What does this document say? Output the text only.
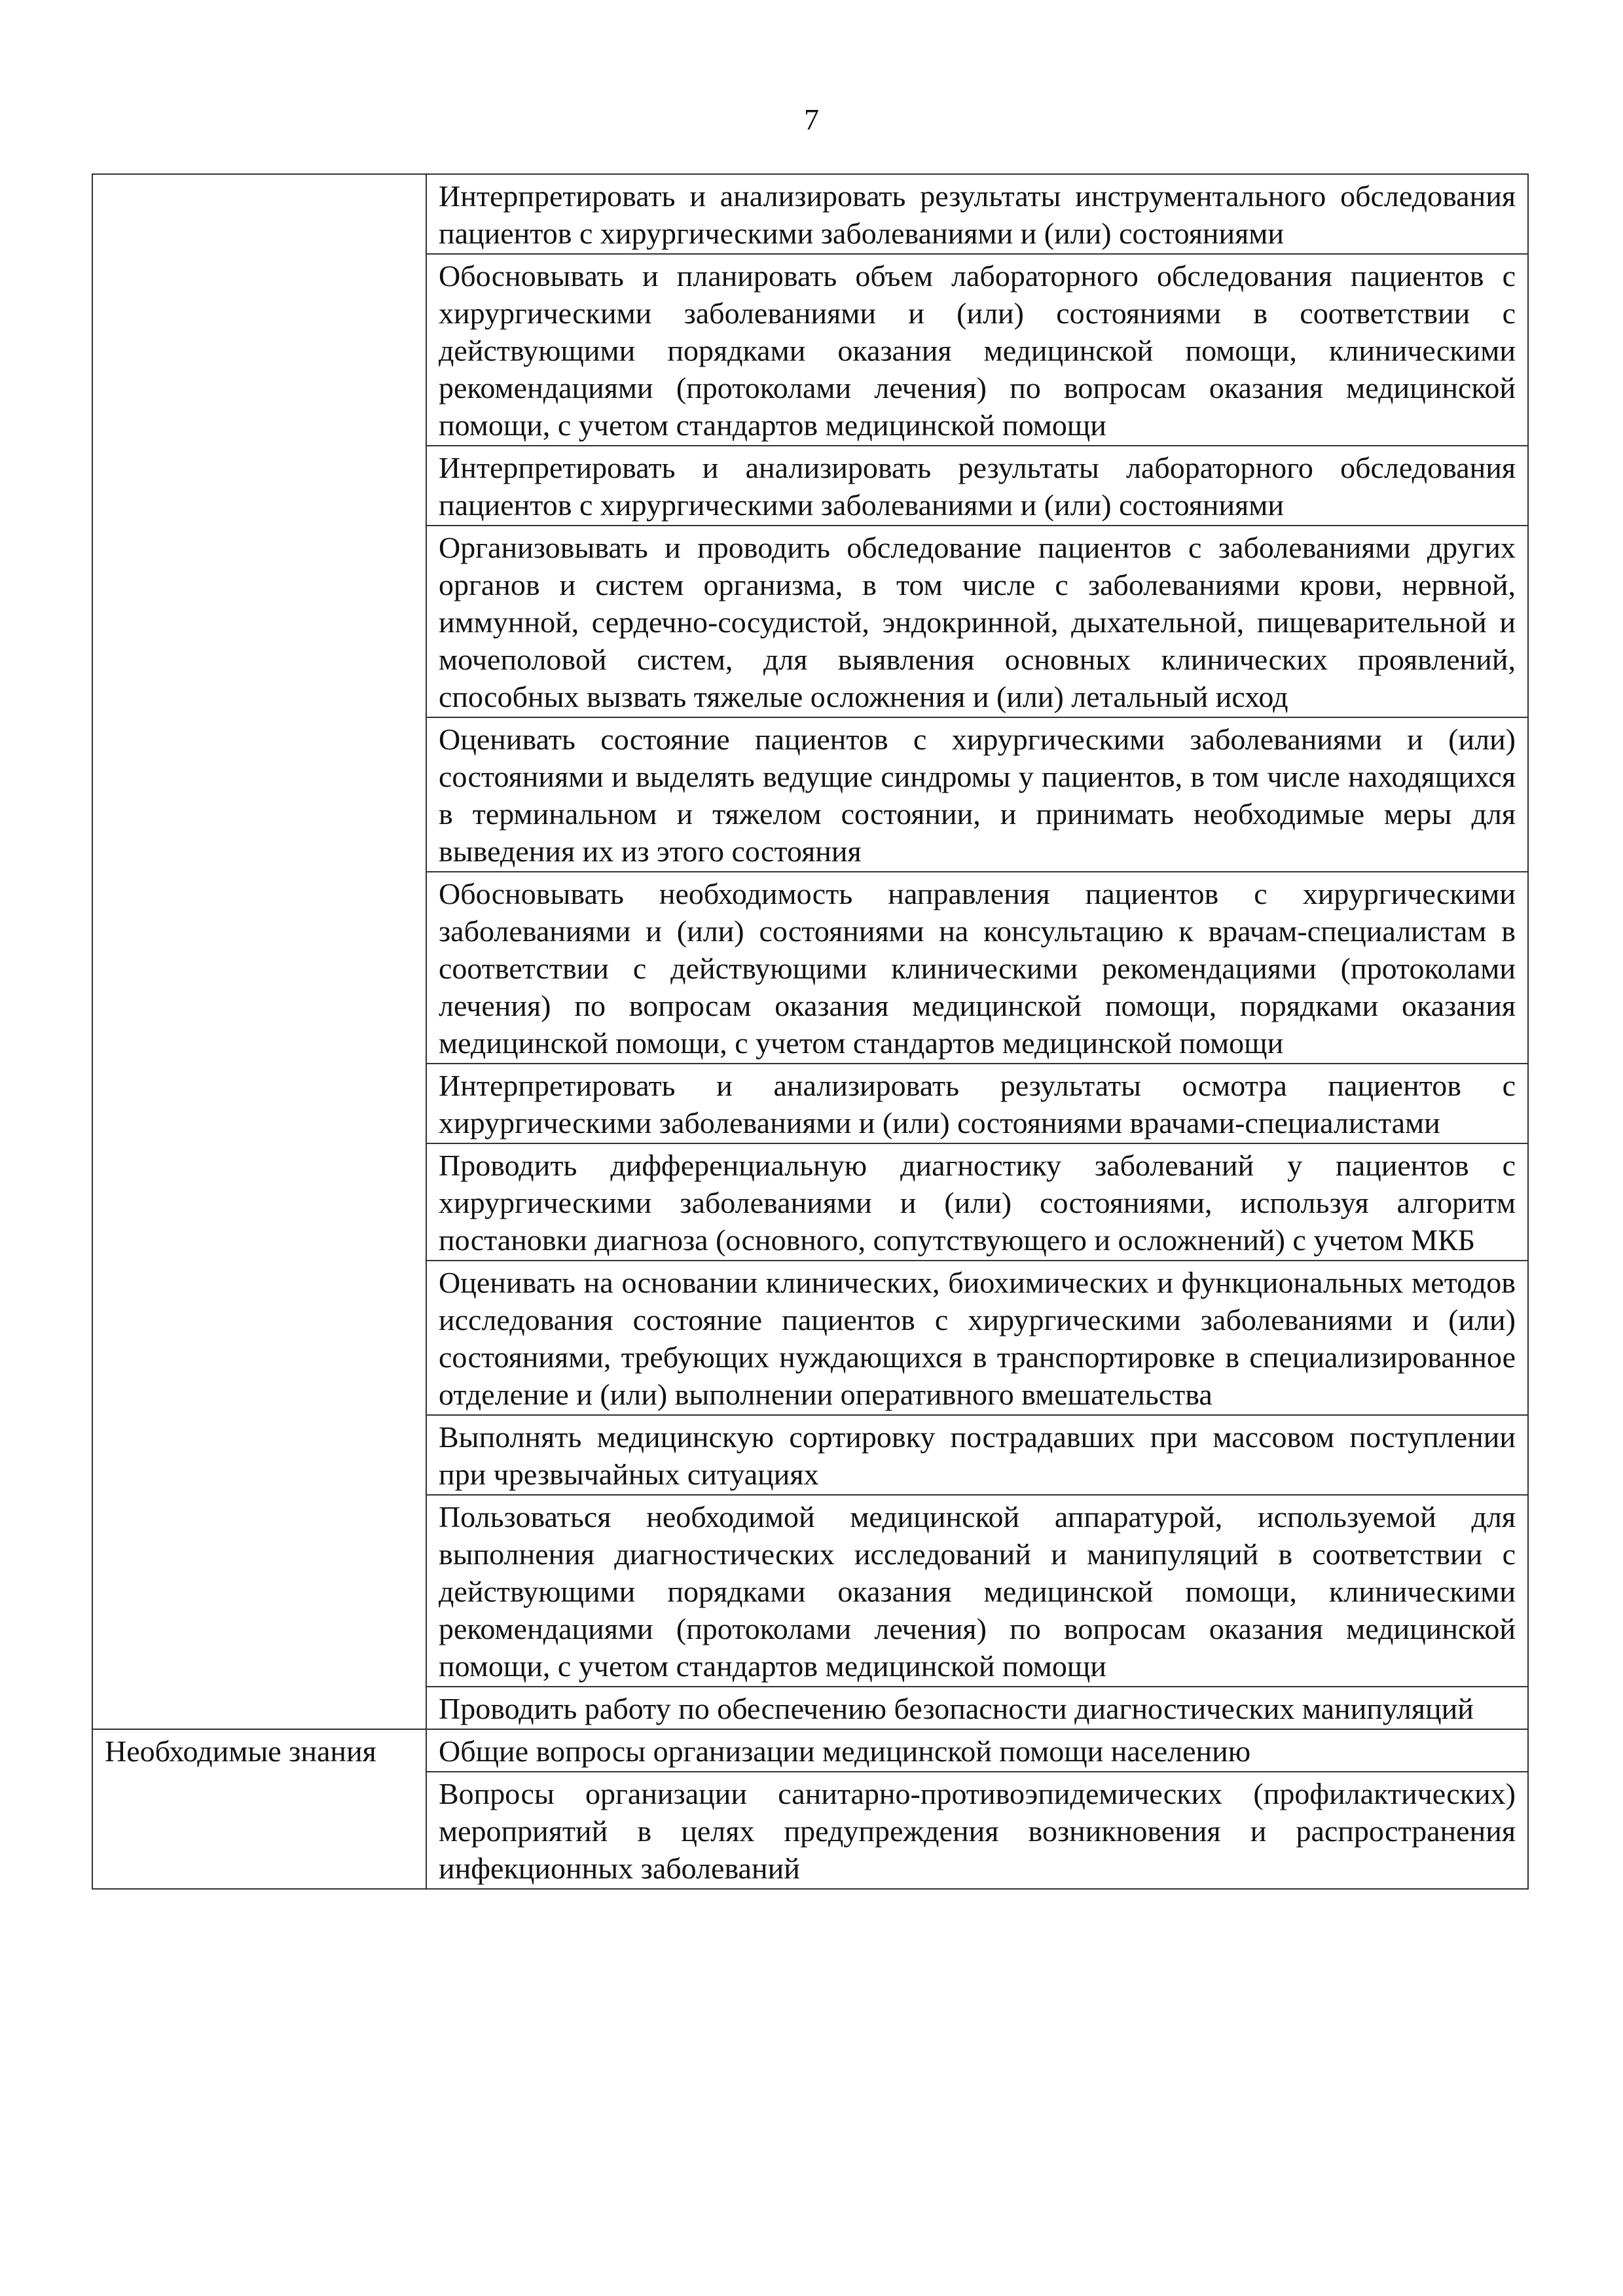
7
	Интерпретировать и анализировать результаты инструментального обследования пациентов с хирургическими заболеваниями и (или) состояниями
	Обосновывать и планировать объем лабораторного обследования пациентов с хирургическими заболеваниями и (или) состояниями в соответствии с действующими порядками оказания медицинской помощи, клиническими рекомендациями (протоколами лечения) по вопросам оказания медицинской помощи, с учетом стандартов медицинской помощи
	Интерпретировать и анализировать результаты лабораторного обследования пациентов с хирургическими заболеваниями и (или) состояниями
	Организовывать и проводить обследование пациентов с заболеваниями других органов и систем организма, в том числе с заболеваниями крови, нервной, иммунной, сердечно-сосудистой, эндокринной, дыхательной, пищеварительной и мочеполовой систем, для выявления основных клинических проявлений, способных вызвать тяжелые осложнения и (или) летальный исход
	Оценивать состояние пациентов с хирургическими заболеваниями и (или) состояниями и выделять ведущие синдромы у пациентов, в том числе находящихся в терминальном и тяжелом состоянии, и принимать необходимые меры для выведения их из этого состояния
	Обосновывать необходимость направления пациентов с хирургическими заболеваниями и (или) состояниями на консультацию к врачам-специалистам в соответствии с действующими клиническими рекомендациями (протоколами лечения) по вопросам оказания медицинской помощи, порядками оказания медицинской помощи, с учетом стандартов медицинской помощи
	Интерпретировать и анализировать результаты осмотра пациентов с хирургическими заболеваниями и (или) состояниями врачами-специалистами
	Проводить дифференциальную диагностику заболеваний у пациентов с хирургическими заболеваниями и (или) состояниями, используя алгоритм постановки диагноза (основного, сопутствующего и осложнений) с учетом МКБ
	Оценивать на основании клинических, биохимических и функциональных методов исследования состояние пациентов с хирургическими заболеваниями и (или) состояниями, требующих нуждающихся в транспортировке в специализированное отделение и (или) выполнении оперативного вмешательства
	Выполнять медицинскую сортировку пострадавших при массовом поступлении при чрезвычайных ситуациях
	Пользоваться необходимой медицинской аппаратурой, используемой для выполнения диагностических исследований и манипуляций в соответствии с действующими порядками оказания медицинской помощи, клиническими рекомендациями (протоколами лечения) по вопросам оказания медицинской помощи, с учетом стандартов медицинской помощи
	Проводить работу по обеспечению безопасности диагностических манипуляций
Необходимые знания	Общие вопросы организации медицинской помощи населению
	Вопросы организации санитарно-противоэпидемических (профилактических) мероприятий в целях предупреждения возникновения и распространения инфекционных заболеваний
